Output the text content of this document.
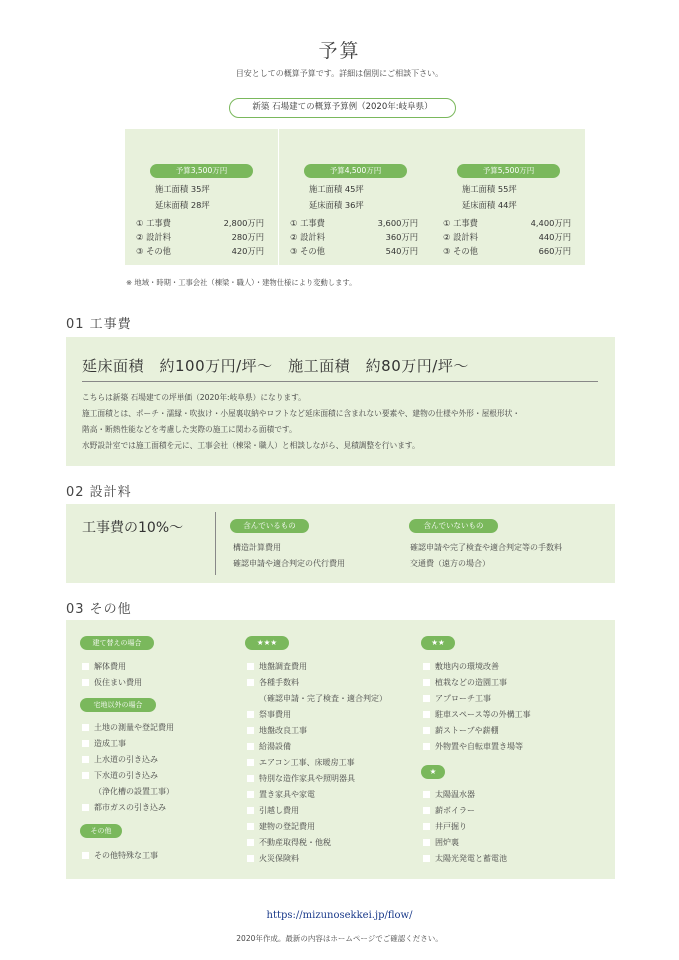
予算
目安としての概算予算です。詳細は個別にご相談下さい。
新築 石場建ての概算予算例（2020年:岐阜県）
予算3,500万円
施工面積 35坪
延床面積 28坪
① 工事費	2,800万円
② 設計料	280万円
③ その他	420万円
予算4,500万円
施工面積 45坪
延床面積 36坪
① 工事費	3,600万円
② 設計料	360万円
③ その他	540万円
予算5,500万円
施工面積 55坪
延床面積 44坪
① 工事費	4,400万円
② 設計料	440万円
③ その他	660万円
※ 地域・時期・工事会社（棟梁・職人）・建物仕様により変動します。
01 工事費
延床面積　約100万円/坪〜　施工面積　約80万円/坪〜
こちらは新築 石場建ての坪単価（2020年:岐阜県）になります。
施工面積とは、ポーチ・濡縁・吹抜け・小屋裏収納やロフトなど延床面積に含まれない要素や、建物の仕様や外形・屋根形状・
階高・断熱性能などを考慮した実際の施工に関わる面積です。
水野設計室では施工面積を元に、工事会社（棟梁・職人）と相談しながら、見積調整を行います。
02 設計料
工事費の10%〜	含んでいるもの
構造計算費用
確認申請や適合判定の代行費用
含んでいないもの
確認申請や完了検査や適合判定等の手数料
交通費（遠方の場合）
03 その他
建て替えの場合
解体費用
仮住まい費用
宅地以外の場合
土地の測量や登記費用
造成工事
上水道の引き込み
下水道の引き込み
（浄化槽の設置工事）
都市ガスの引き込み
その他
その他特殊な工事
★★★
地盤調査費用
各種手数料
（確認申請・完了検査・適合判定）
祭事費用
地盤改良工事
給湯設備
エアコン工事、床暖房工事
特別な造作家具や照明器具
置き家具や家電
引越し費用
建物の登記費用
不動産取得税・他税
火災保険料
★★
敷地内の環境改善
植栽などの造園工事
アプローチ工事
駐車スペース等の外構工事
薪ストーブや薪棚
外物置や自転車置き場等
★
太陽温水器
薪ボイラー
井戸掘り
囲炉裏
太陽光発電と蓄電池
https://mizunosekkei.jp/flow/
2020年作成。最新の内容はホームページでご確認ください。
